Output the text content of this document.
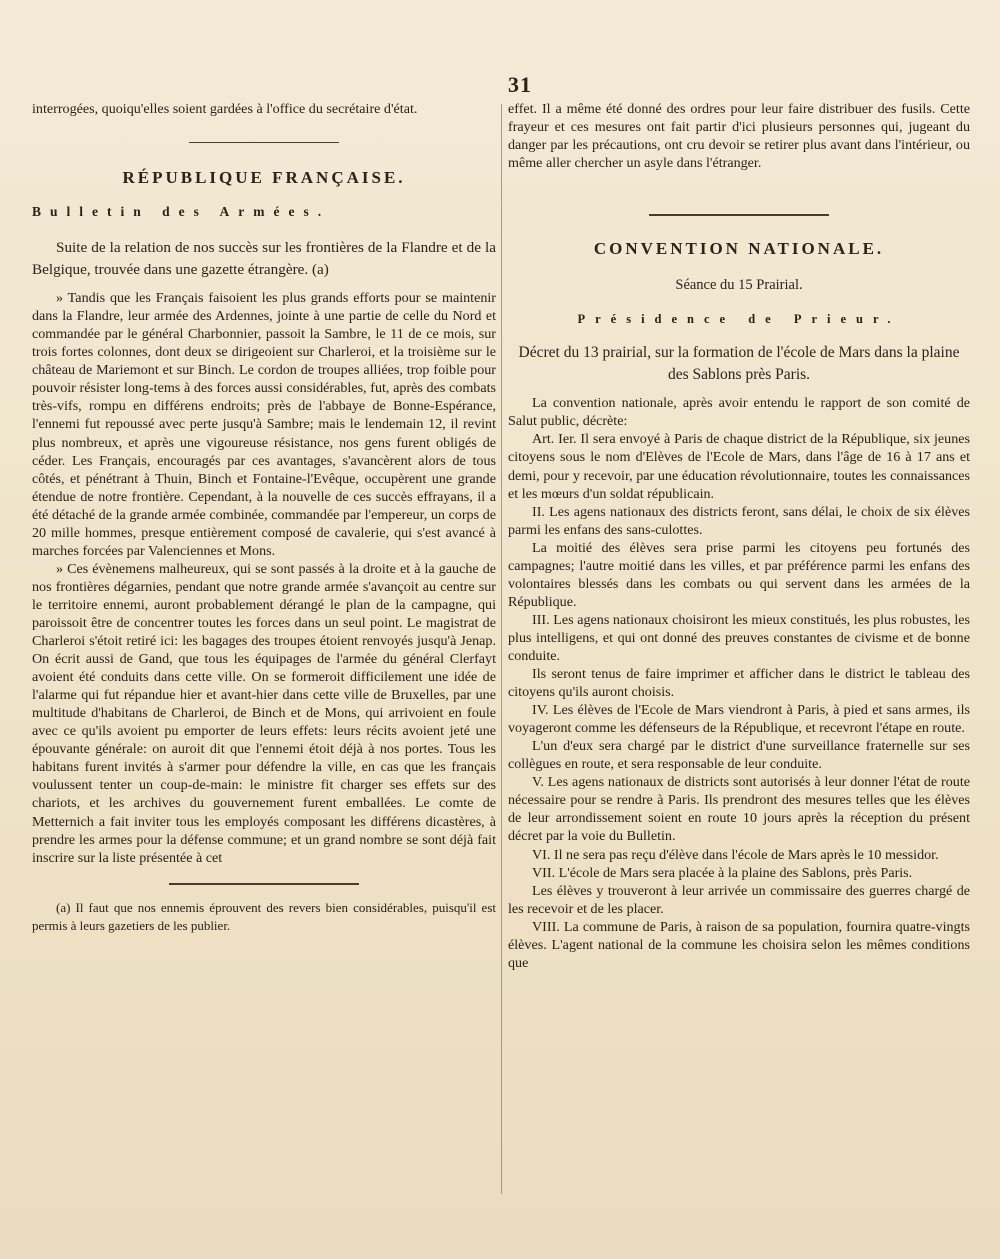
31

interrogées, quoiqu'elles soient gardées à l'office du secrétaire d'état.

RÉPUBLIQUE FRANÇAISE.
Bulletin des Armées.

Suite de la relation de nos succès sur les frontières de la Flandre et de la Belgique, trouvée dans une gazette étrangère. (a)

» Tandis que les Français faisoient les plus grands efforts pour se maintenir dans la Flandre, leur armée des Ardennes, jointe à une partie de celle du Nord et commandée par le général Charbonnier, passoit la Sambre, le 11 de ce mois, sur trois fortes colonnes, dont deux se dirigeoient sur Charleroi, et la troisième sur le château de Mariemont et sur Binch. Le cordon de troupes alliées, trop foible pour pouvoir résister long-tems à des forces aussi considérables, fut, après des combats très-vifs, rompu en différens endroits; près de l'abbaye de Bonne-Espérance, l'ennemi fut repoussé avec perte jusqu'à Sambre; mais le lendemain 12, il revint plus nombreux, et après une vigoureuse résistance, nos gens furent obligés de céder. Les Français, encouragés par ces avantages, s'avancèrent alors de tous côtés, et pénétrant à Thuin, Binch et Fontaine-l'Evêque, occupèrent une grande étendue de notre frontière. Cependant, à la nouvelle de ces succès effrayans, il a été détaché de la grande armée combinée, commandée par l'empereur, un corps de 20 mille hommes, presque entièrement composé de cavalerie, qui s'est avancé à marches forcées par Valenciennes et Mons.

» Ces évènemens malheureux, qui se sont passés à la droite et à la gauche de nos frontières dégarnies, pendant que notre grande armée s'avançoit au centre sur le territoire ennemi, auront probablement dérangé le plan de la campagne, qui paroissoit être de concentrer toutes les forces dans un seul point. Le magistrat de Charleroi s'étoit retiré ici: les bagages des troupes étoient renvoyés jusqu'à Jenap. On écrit aussi de Gand, que tous les équipages de l'armée du général Clerfayt avoient été conduits dans cette ville. On se formeroit difficilement une idée de l'alarme qui fut répandue hier et avant-hier dans cette ville de Bruxelles, par une multitude d'habitans de Charleroi, de Binch et de Mons, qui arrivoient en foule avec ce qu'ils avoient pu emporter de leurs effets: leurs récits avoient jeté une épouvante générale: on auroit dit que l'ennemi étoit déjà à nos portes. Tous les habitans furent invités à s'armer pour défendre la ville, en cas que les français voulussent tenter un coup-de-main: le ministre fit charger ses effets sur des chariots, et les archives du gouvernement furent emballées. Le comte de Metternich a fait inviter tous les employés composant les différens dicastères, à prendre les armes pour la défense commune; et un grand nombre se sont déjà fait inscrire sur la liste présentée à cet

(a) Il faut que nos ennemis éprouvent des revers bien considérables, puisqu'il est permis à leurs gazetiers de les publier.

effet. Il a même été donné des ordres pour leur faire distribuer des fusils. Cette frayeur et ces mesures ont fait partir d'ici plusieurs personnes qui, jugeant du danger par les précautions, ont cru devoir se retirer plus avant dans l'intérieur, ou même aller chercher un asyle dans l'étranger.

CONVENTION NATIONALE.
Séance du 15 Prairial.
Présidence de Prieur.
Décret du 13 prairial, sur la formation de l'école de Mars dans la plaine des Sablons près Paris.

La convention nationale, après avoir entendu le rapport de son comité de Salut public, décrète:

Art. Ier. Il sera envoyé à Paris de chaque district de la République, six jeunes citoyens sous le nom d'Elèves de l'Ecole de Mars, dans l'âge de 16 à 17 ans et demi, pour y recevoir, par une éducation révolutionnaire, toutes les connaissances et les mœurs d'un soldat républicain.

II. Les agens nationaux des districts feront, sans délai, le choix de six élèves parmi les enfans des sans-culottes.

La moitié des élèves sera prise parmi les citoyens peu fortunés des campagnes; l'autre moitié dans les villes, et par préférence parmi les enfans des volontaires blessés dans les combats ou qui servent dans les armées de la République.

III. Les agens nationaux choisiront les mieux constitués, les plus robustes, les plus intelligens, et qui ont donné des preuves constantes de civisme et de bonne conduite.

Ils seront tenus de faire imprimer et afficher dans le district le tableau des citoyens qu'ils auront choisis.

IV. Les élèves de l'Ecole de Mars viendront à Paris, à pied et sans armes, ils voyageront comme les défenseurs de la République, et recevront l'étape en route.

L'un d'eux sera chargé par le district d'une surveillance fraternelle sur ses collègues en route, et sera responsable de leur conduite.

V. Les agens nationaux de districts sont autorisés à leur donner l'état de route nécessaire pour se rendre à Paris. Ils prendront des mesures telles que les élèves de leur arrondissement soient en route 10 jours après la réception du présent décret par la voie du Bulletin.

VI. Il ne sera pas reçu d'élève dans l'école de Mars après le 10 messidor.

VII. L'école de Mars sera placée à la plaine des Sablons, près Paris.

Les élèves y trouveront à leur arrivée un commissaire des guerres chargé de les recevoir et de les placer.

VIII. La commune de Paris, à raison de sa population, fournira quatre-vingts élèves. L'agent national de la commune les choisira selon les mêmes conditions que
